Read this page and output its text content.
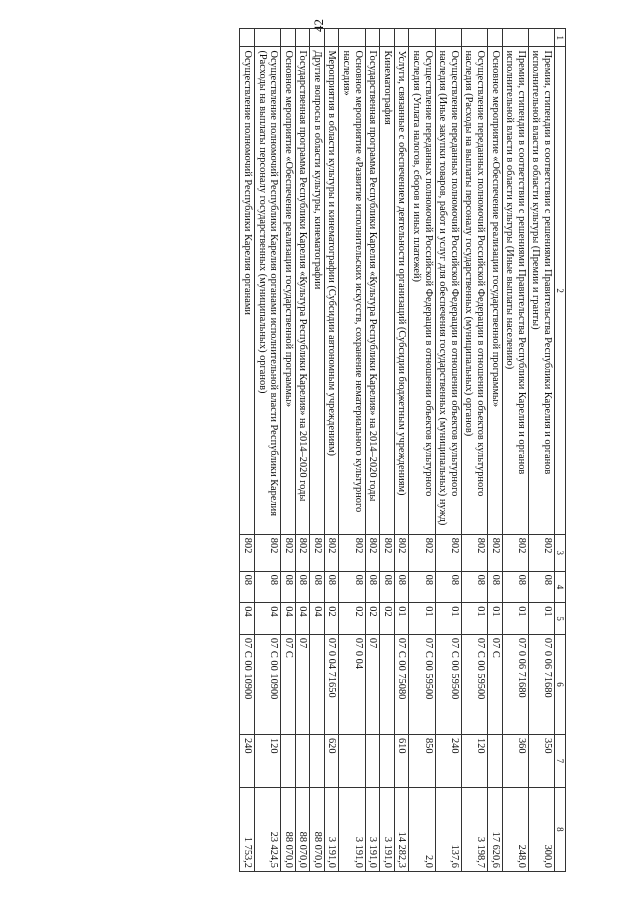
42
1	2	3	4	5	6	7	8
	Премии, стипендии в соответствии с решениями Правительства Республики Карелия и органов исполнительной власти в области культуры (Премии и гранты)	802	08	01	07 0 06 71680	350	300,0
	Премии, стипендии в соответствии с решениями Правительства Республики Карелия и органов исполнительной власти в области культуры (Иные выплаты населению)	802	08	01	07 0 06 71680	360	248,0
	Основное мероприятие «Обеспечение реализации государственной программы»	802	08	01	07 С		17 620,6
	Осуществление переданных полномочий Российской Федерации в отношении объектов культурного наследия (Расходы на выплаты персоналу государственных (муниципальных) органов)	802	08	01	07 С 00 59500	120	3 198,7
	Осуществление переданных полномочий Российской Федерации в отношении объектов культурного наследия (Иные закупки товаров, работ и услуг для обеспечения государственных (муниципальных) нужд)	802	08	01	07 С 00 59500	240	137,6
	Осуществление переданных полномочий Российской Федерации в отношении объектов культурного наследия (Уплата налогов, сборов и иных платежей)	802	08	01	07 С 00 59500	850	2,0
	Услуги, связанные с обеспечением деятельности организаций (Субсидии бюджетным учреждениям)	802	08	01	07 С 00 75080	610	14 282,3
	Кинематография	802	08	02			3 191,0
	Государственная программа Республики Карелия «Культура Республики Карелия» на 2014–2020 годы	802	08	02	07		3 191,0
	Основное мероприятие «Развитие исполнительских искусств, сохранение нематериального культурного наследия»	802	08	02	07 0 04		3 191,0
	Мероприятия в области культуры и кинематографии (Субсидии автономным учреждениям)	802	08	02	07 0 04 71650	620	3 191,0
	Другие вопросы в области культуры, кинематографии	802	08	04			88 070,0
	Государственная программа Республики Карелия «Культура Республики Карелия» на 2014–2020 годы	802	08	04	07		88 070,0
	Основное мероприятие «Обеспечение реализации государственной программы»	802	08	04	07 С		88 070,0
	Осуществление полномочий Республики Карелия органами исполнительной власти Республики Карелия (Расходы на выплаты персоналу государственных (муниципальных) органов)	802	08	04	07 С 00 10900	120	23 424,5
	Осуществление полномочий Республики Карелия органами	802	08	04	07 С 00 10900	240	1 753,2
